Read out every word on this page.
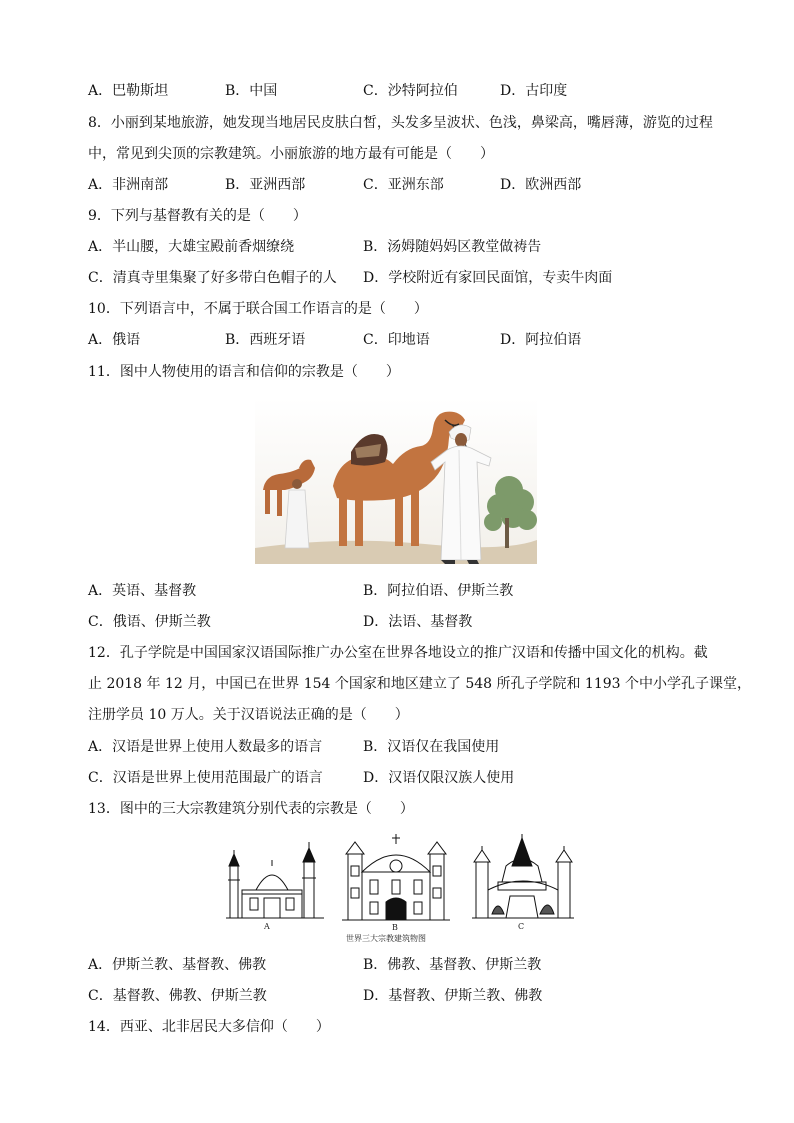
A．巴勒斯坦	B．中国	C．沙特阿拉伯	D．古印度
8．小丽到某地旅游，她发现当地居民皮肤白皙，头发多呈波状、色浅，鼻梁高，嘴唇薄，游览的过程
中，常见到尖顶的宗教建筑。小丽旅游的地方最有可能是（　　）
A．非洲南部	B．亚洲西部	C．亚洲东部	D．欧洲西部
9．下列与基督教有关的是（　　）
A．半山腰，大雄宝殿前香烟缭绕	B．汤姆随妈妈区教堂做祷告
C．清真寺里集聚了好多带白色帽子的人 D．学校附近有家回民面馆，专卖牛肉面
10．下列语言中，不属于联合国工作语言的是（　　）
A．俄语	B．西班牙语	C．印地语	D．阿拉伯语
11．图中人物使用的语言和信仰的宗教是（　　）
A．英语、基督教	B．阿拉伯语、伊斯兰教
C．俄语、伊斯兰教	D．法语、基督教
12．孔子学院是中国国家汉语国际推广办公室在世界各地设立的推广汉语和传播中国文化的机构。截
止 2018 年 12 月，中国已在世界 154 个国家和地区建立了 548 所孔子学院和 1193 个中小学孔子课堂，
注册学员 10 万人。关于汉语说法正确的是（　　）
A．汉语是世界上使用人数最多的语言	B．汉语仅在我国使用
C．汉语是世界上使用范围最广的语言	D．汉语仅限汉族人使用
13．图中的三大宗教建筑分别代表的宗教是（　　）
A	B	C
世界三大宗教建筑物图
A．伊斯兰教、基督教、佛教	B．佛教、基督教、伊斯兰教
C．基督教、佛教、伊斯兰教	D．基督教、伊斯兰教、佛教
14．西亚、北非居民大多信仰（　　）
